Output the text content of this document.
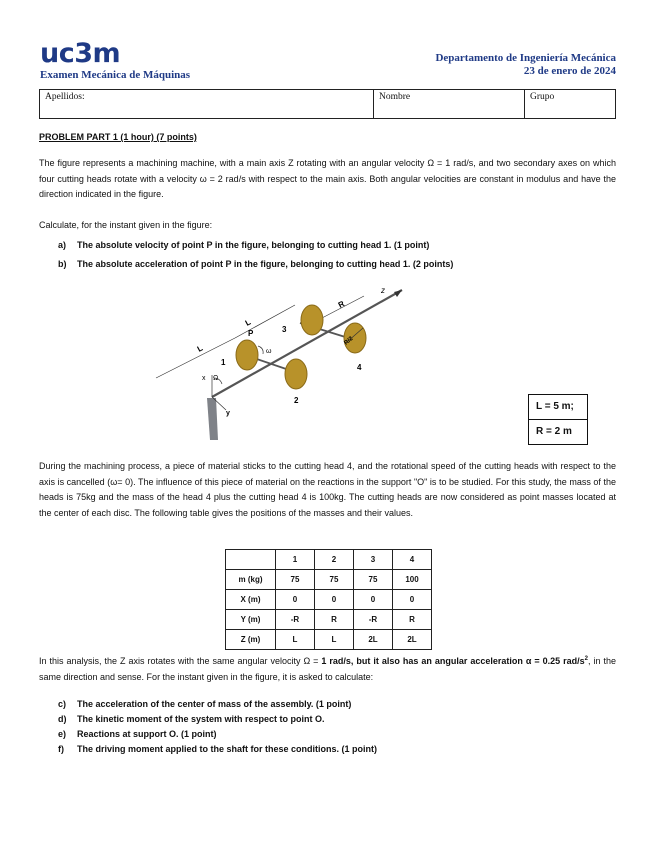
uc3m
Examen Mecánica de Máquinas
Departamento de Ingeniería Mecánica
23 de enero de 2024
Apellidos:	Nombre	Grupo
PROBLEM PART 1 (1 hour) (7 points)
The figure represents a machining machine, with a main axis Z rotating with an angular velocity Ω = 1 rad/s, and two secondary axes on which four cutting heads rotate with a velocity ω = 2 rad/s with respect to the main axis. Both angular velocities are constant in modulus and have the direction indicated in the figure.
Calculate, for the instant given in the figure:
a)	The absolute velocity of point P in the figure, belonging to cutting head 1. (1 point)
b)	The absolute acceleration of point P in the figure, belonging to cutting head 1. (2 points)
z
R
R/2
L
L
P
ω
1
2
3
4
x Ω
y
L = 5 m;
R = 2 m
During the machining process, a piece of material sticks to the cutting head 4, and the rotational speed of the cutting heads with respect to the axis is cancelled (ω= 0). The influence of this piece of material on the reactions in the support "O" is to be studied. For this study, the mass of the heads is 75kg and the mass of the head 4 plus the cutting head 4 is 100kg. The cutting heads are now considered as point masses located at the center of each disc. The following table gives the positions of the masses and their values.
	1	2	3	4
m (kg)	75	75	75	100
X (m)	0	0	0	0
Y (m)	-R	R	-R	R
Z (m)	L	L	2L	2L
In this analysis, the Z axis rotates with the same angular velocity Ω = 1 rad/s, but it also has an angular acceleration α = 0.25 rad/$s^2$, in the same direction and sense. For the instant given in the figure, it is asked to calculate:
c)	The acceleration of the center of mass of the assembly. (1 point)
d)	The kinetic moment of the system with respect to point O.
e)	Reactions at support O. (1 point)
f)	The driving moment applied to the shaft for these conditions. (1 point)
